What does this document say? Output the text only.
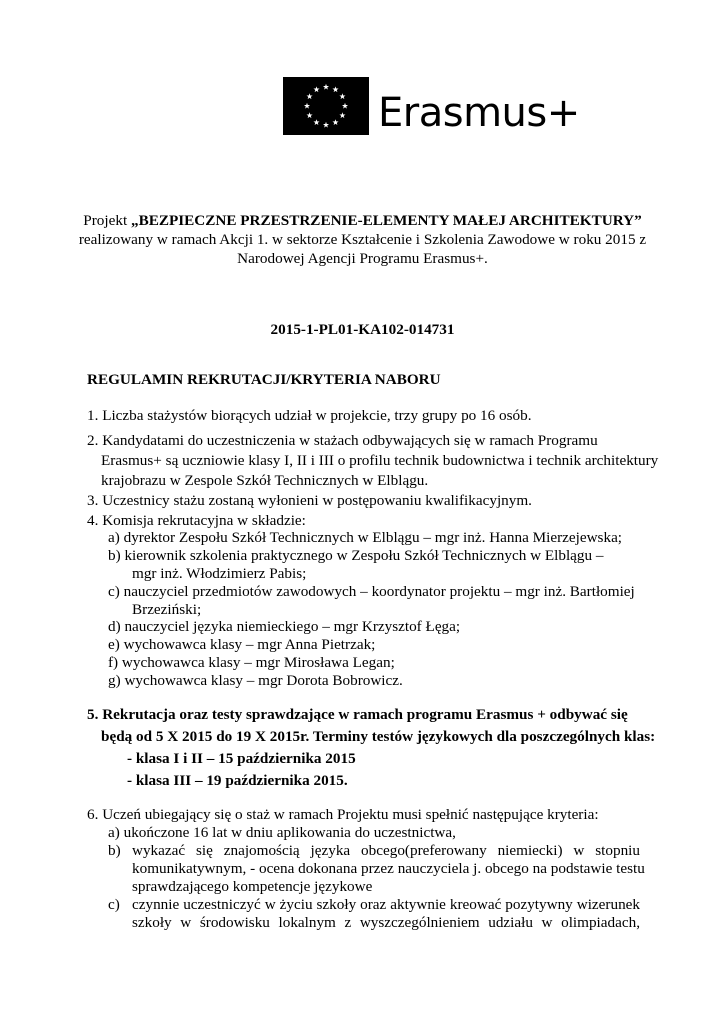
Erasmus+
Projekt „BEZPIECZNE PRZESTRZENIE-ELEMENTY MAŁEJ ARCHITEKTURY”
realizowany w ramach Akcji 1. w sektorze Kształcenie i Szkolenia Zawodowe w roku 2015 z Narodowej Agencji Programu Erasmus+.
2015-1-PL01-KA102-014731
REGULAMIN REKRUTACJI/KRYTERIA NABORU
1. Liczba stażystów biorących udział w projekcie, trzy grupy po 16 osób.
2. Kandydatami do uczestniczenia w stażach odbywających się w ramach Programu
Erasmus+ są uczniowie klasy I, II i III o profilu technik budownictwa i technik architektury
krajobrazu w Zespole Szkół Technicznych w Elblągu.
3. Uczestnicy stażu zostaną wyłonieni w postępowaniu kwalifikacyjnym.
4. Komisja rekrutacyjna w składzie:
a) dyrektor Zespołu Szkół Technicznych w Elblągu – mgr inż. Hanna Mierzejewska;
b) kierownik szkolenia praktycznego w Zespołu Szkół Technicznych w Elblągu –
mgr inż. Włodzimierz Pabis;
c) nauczyciel przedmiotów zawodowych – koordynator projektu – mgr inż. Bartłomiej
Brzeziński;
d) nauczyciel języka niemieckiego – mgr Krzysztof Łęga;
e) wychowawca klasy – mgr Anna Pietrzak;
f) wychowawca klasy – mgr Mirosława Legan;
g) wychowawca klasy – mgr Dorota Bobrowicz.
5. Rekrutacja oraz testy sprawdzające w ramach programu Erasmus + odbywać się
będą od 5 X 2015 do 19 X 2015r. Terminy testów językowych dla poszczególnych klas:
- klasa I i II – 15 października 2015
- klasa III – 19 października 2015.
6. Uczeń ubiegający się o staż w ramach Projektu musi spełnić następujące kryteria:
a) ukończone 16 lat w dniu aplikowania do uczestnictwa,
b) wykazać się znajomością języka obcego(preferowany niemiecki) w stopniu
komunikatywnym, - ocena dokonana przez nauczyciela j. obcego na podstawie testu
sprawdzającego kompetencje językowe
c) czynnie uczestniczyć w życiu szkoły oraz aktywnie kreować pozytywny wizerunek
szkoły w środowisku lokalnym z wyszczególnieniem udziału w olimpiadach,
